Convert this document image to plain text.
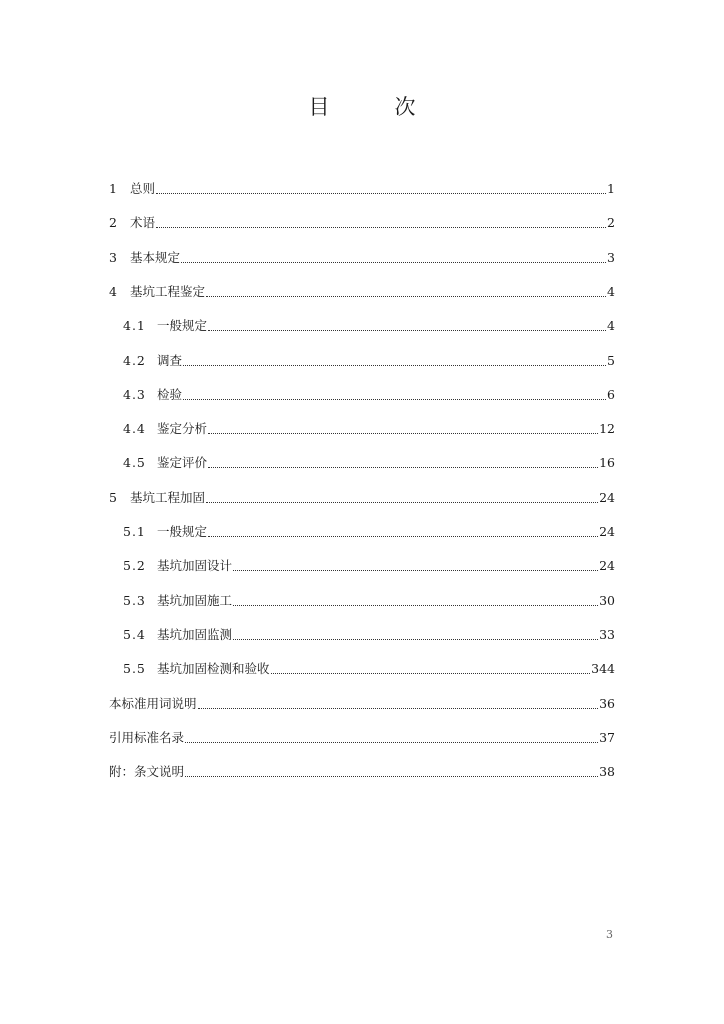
目　次
1	总则	1
2	术语	2
3	基本规定	3
4	基坑工程鉴定	4
4.1 一般规定	4
4.2 调查	5
4.3 检验	6
4.4 鉴定分析	12
4.5 鉴定评价	16
5	基坑工程加固	24
5.1 一般规定	24
5.2 基坑加固设计	24
5.3 基坑加固施工	30
5.4 基坑加固监测	33
5.5 基坑加固检测和验收	344
本标准用词说明	36
引用标准名录	37
附：条文说明	38
3
